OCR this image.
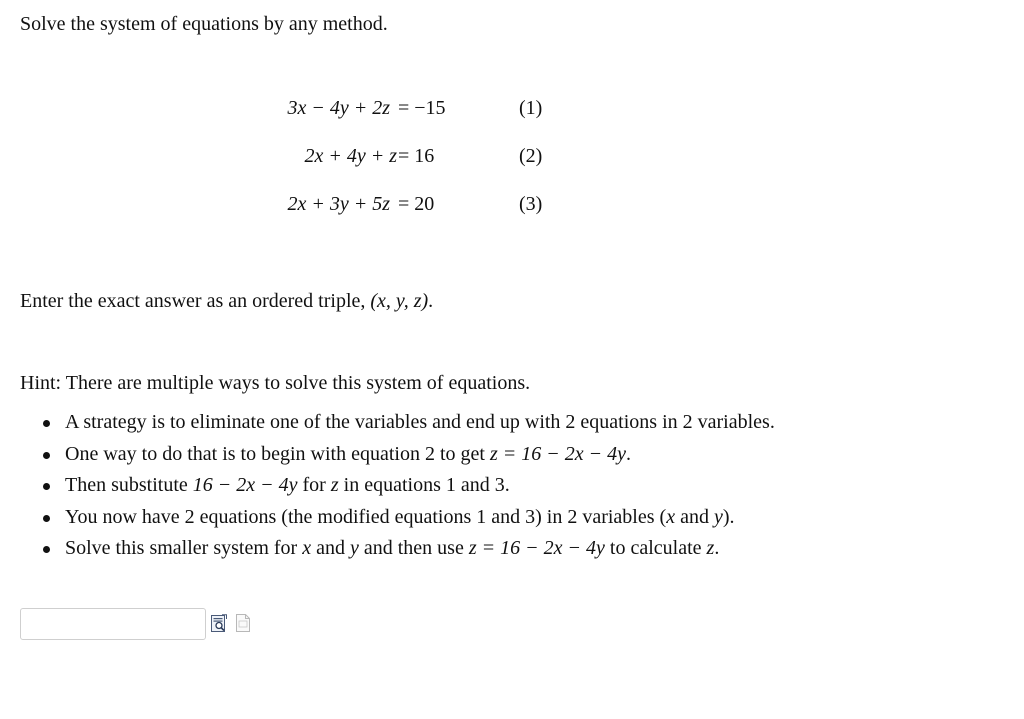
Solve the system of equations by any method.
3x − 4y + 2z = −15	(1)
2x + 4y + z = 16	(2)
2x + 3y + 5z = 20	(3)
Enter the exact answer as an ordered triple, (x, y, z).
Hint: There are multiple ways to solve this system of equations.
A strategy is to eliminate one of the variables and end up with 2 equations in 2 variables.
One way to do that is to begin with equation 2 to get z = 16 − 2x − 4y.
Then substitute 16 − 2x − 4y for z in equations 1 and 3.
You now have 2 equations (the modified equations 1 and 3) in 2 variables (x and y).
Solve this smaller system for x and y and then use z = 16 − 2x − 4y to calculate z.
